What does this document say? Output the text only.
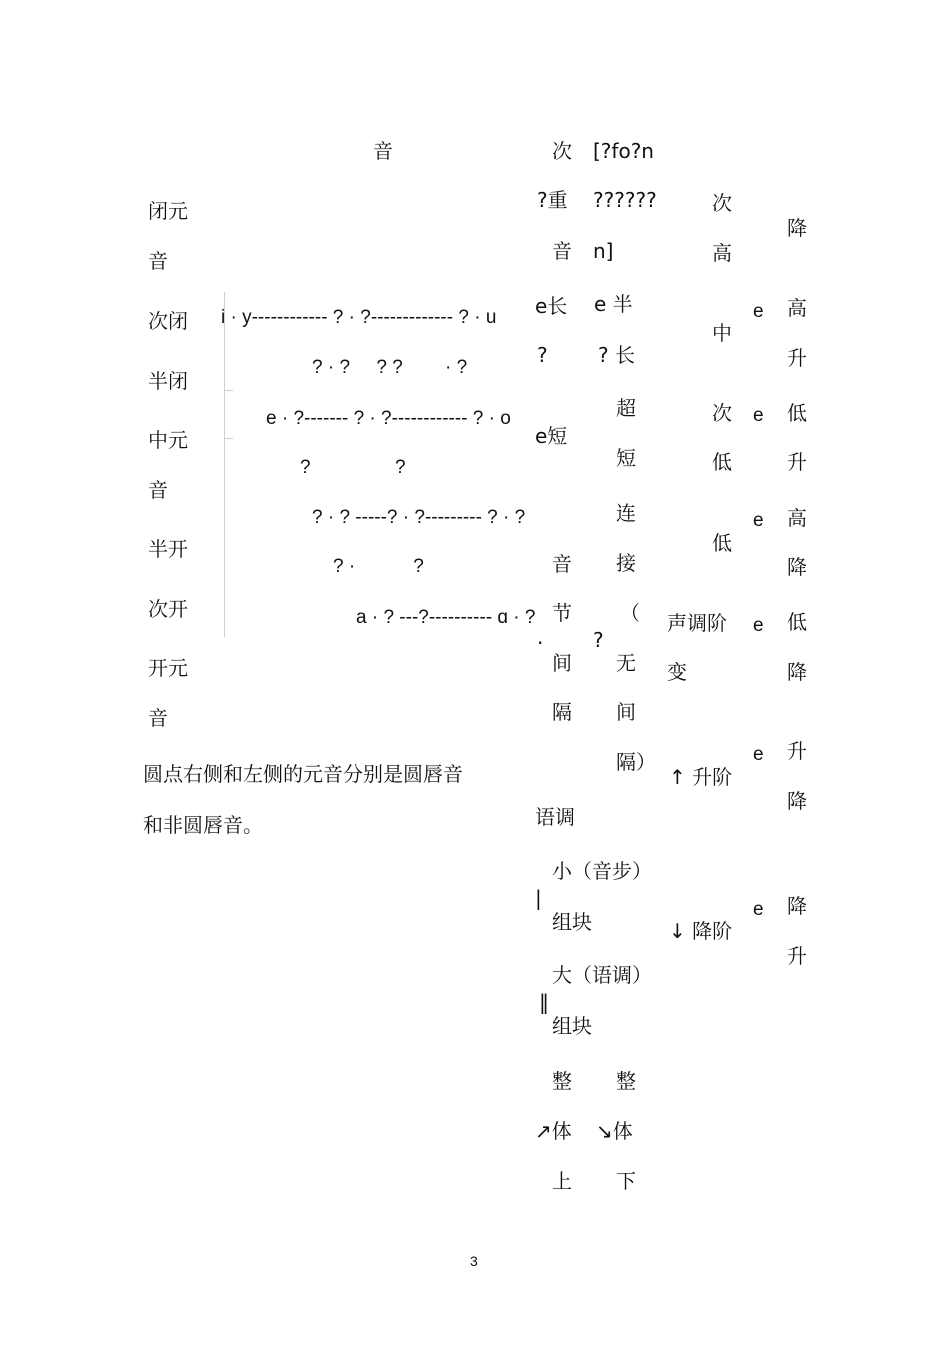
音
闭元
音
次闭
半闭
中元
音
半开
次开
开元
音
i · y------------ ? · ?------------- ? · u
? · ?     ? ?        · ?
e · ?------- ? · ?------------ ? · o
?                ?
? · ? -----? · ?--------- ? · ?
? ·           ?
a · ? ---?---------- ɑ · ?
圆点右侧和左侧的元音分别是圆唇音
和非圆唇音。
次
?重
音
e长
?
e短
音
节
·
间
隔
[?fo?n
??????
n]
e 半
? 长
超
短
连
接
（
?
无
间
隔）
语调
小（音步）
|
组块
大（语调）
‖
组块
整
↗体
上
整
↘体
下
次
高
中
次
低
低
声调阶
变
↑ 升阶
↓ 降阶
e
e
e
e
e
e
降
高
升
低
升
高
降
低
降
升
降
降
升
3
